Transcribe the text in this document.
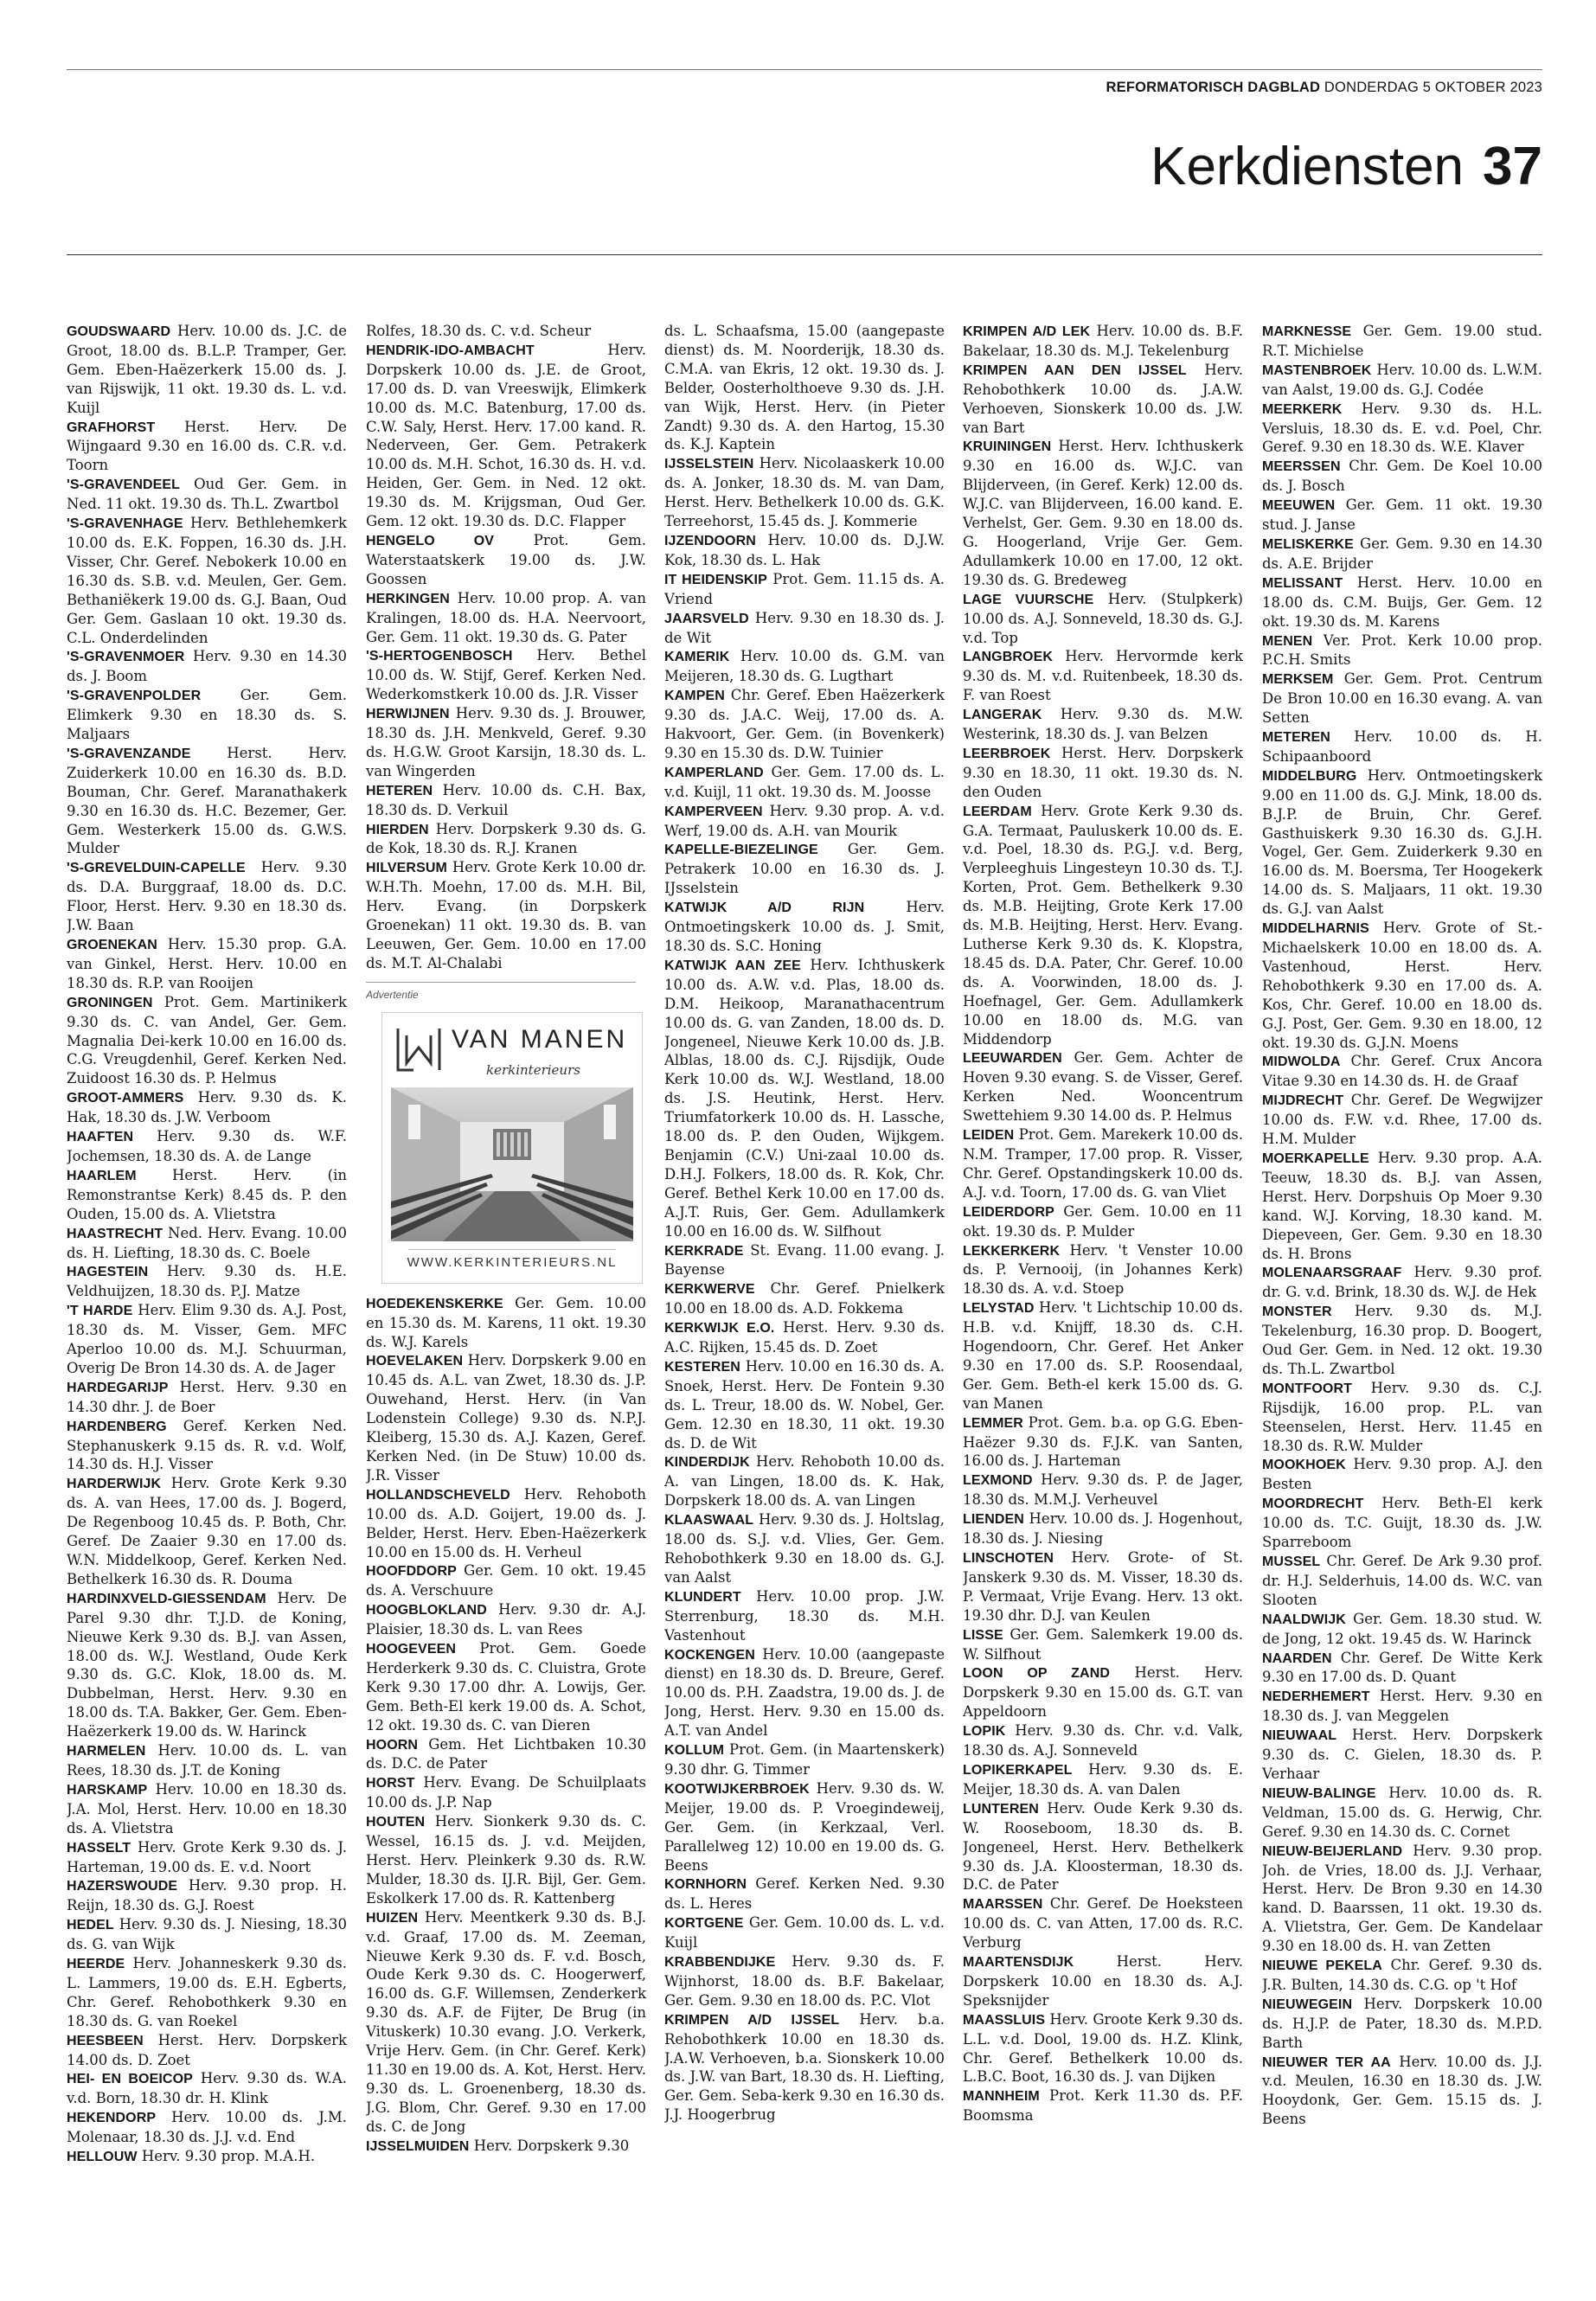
REFORMATORISCH DAGBLAD DONDERDAG 5 OKTOBER 2023
Kerkdiensten 37

GOUDSWAARD Herv. 10.00 ds. J.C. de Groot, 18.00 ds. B.L.P. Tramper, Ger. Gem. Eben-Haëzerkerk 15.00 ds. J. van Rijswijk, 11 okt. 19.30 ds. L. v.d. Kuijl

GRAFHORST Herst. Herv. De Wijngaard 9.30 en 16.00 ds. C.R. v.d. Toorn

'S-GRAVENDEEL Oud Ger. Gem. in Ned. 11 okt. 19.30 ds. Th.L. Zwartbol

'S-GRAVENHAGE Herv. Bethlehemkerk 10.00 ds. E.K. Foppen, 16.30 ds. J.H. Visser, Chr. Geref. Nebokerk 10.00 en 16.30 ds. S.B. v.d. Meulen, Ger. Gem. Bethaniëkerk 19.00 ds. G.J. Baan, Oud Ger. Gem. Gaslaan 10 okt. 19.30 ds. C.L. Onderdelinden

'S-GRAVENMOER Herv. 9.30 en 14.30 ds. J. Boom

'S-GRAVENPOLDER	Ger. Gem. Elimkerk 9.30 en 18.30 ds. S. Maljaars

'S-GRAVENZANDE	Herst. Herv. Zuiderkerk 10.00 en 16.30 ds. B.D. Bouman, Chr. Geref. Maranathakerk 9.30 en 16.30 ds. H.C. Bezemer, Ger. Gem. Westerkerk 15.00 ds. G.W.S. Mulder

'S-GREVELDUIN-CAPELLE Herv. 9.30 ds. D.A. Burggraaf, 18.00 ds. D.C. Floor, Herst. Herv. 9.30 en 18.30 ds. J.W. Baan

GROENEKAN Herv. 15.30 prop. G.A. van Ginkel, Herst. Herv. 10.00 en 18.30 ds. R.P. van Rooijen

GRONINGEN Prot. Gem. Martinikerk 9.30 ds. C. van Andel, Ger. Gem. Magnalia Dei-kerk 10.00 en 16.00 ds. C.G. Vreugdenhil, Geref. Kerken Ned. Zuidoost 16.30 ds. P. Helmus

GROOT-AMMERS Herv. 9.30 ds. K. Hak, 18.30 ds. J.W. Verboom

HAAFTEN Herv. 9.30 ds. W.F. Jochemsen, 18.30 ds. A. de Lange

HAARLEM	Herst. Herv. (in Remonstrantse Kerk) 8.45 ds. P. den Ouden, 15.00 ds. A. Vlietstra

HAASTRECHT Ned. Herv. Evang. 10.00 ds. H. Liefting, 18.30 ds. C. Boele

HAGESTEIN Herv. 9.30 ds. H.E. Veldhuijzen, 18.30 ds. P.J. Matze

'T HARDE Herv. Elim 9.30 ds. A.J. Post, 18.30 ds. M. Visser, Gem. MFC Aperloo 10.00 ds. M.J. Schuurman, Overig De Bron 14.30 ds. A. de Jager

HARDEGARIJP Herst. Herv. 9.30 en 14.30 dhr. J. de Boer

HARDENBERG Geref. Kerken Ned. Stephanuskerk 9.15 ds. R. v.d. Wolf, 14.30 ds. H.J. Visser

HARDERWIJK Herv. Grote Kerk 9.30 ds. A. van Hees, 17.00 ds. J. Bogerd, De Regenboog 10.45 ds. P. Both, Chr. Geref. De Zaaier 9.30 en 17.00 ds. W.N. Middelkoop, Geref. Kerken Ned. Bethelkerk 16.30 ds. R. Douma

HARDINXVELD-GIESSENDAM Herv. De Parel 9.30 dhr. T.J.D. de Koning, Nieuwe Kerk 9.30 ds. B.J. van Assen, 18.00 ds. W.J. Westland, Oude Kerk 9.30 ds. G.C. Klok, 18.00 ds. M. Dubbelman, Herst. Herv. 9.30 en 18.00 ds. T.A. Bakker, Ger. Gem. Eben-Haëzerkerk 19.00 ds. W. Harinck

HARMELEN Herv. 10.00 ds. L. van Rees, 18.30 ds. J.T. de Koning

HARSKAMP Herv. 10.00 en 18.30 ds. J.A. Mol, Herst. Herv. 10.00 en 18.30 ds. A. Vlietstra

HASSELT Herv. Grote Kerk 9.30 ds. J. Harteman, 19.00 ds. E. v.d. Noort

HAZERSWOUDE Herv. 9.30 prop. H. Reijn, 18.30 ds. G.J. Roest

HEDEL Herv. 9.30 ds. J. Niesing, 18.30 ds. G. van Wijk

HEERDE Herv. Johanneskerk 9.30 ds. L. Lammers, 19.00 ds. E.H. Egberts, Chr. Geref. Rehobothkerk 9.30 en 18.30 ds. G. van Roekel

HEESBEEN Herst. Herv. Dorpskerk 14.00 ds. D. Zoet

HEI- EN BOEICOP Herv. 9.30 ds. W.A. v.d. Born, 18.30 dr. H. Klink

HEKENDORP Herv. 10.00 ds. J.M. Molenaar, 18.30 ds. J.J. v.d. End

HELLOUW Herv. 9.30 prop. M.A.H.

Rolfes, 18.30 ds. C. v.d. Scheur

HENDRIK-IDO-AMBACHT	Herv. Dorpskerk 10.00 ds. J.E. de Groot, 17.00 ds. D. van Vreeswijk, Elimkerk 10.00 ds. M.C. Batenburg, 17.00 ds. C.W. Saly, Herst. Herv. 17.00 kand. R. Nederveen, Ger. Gem. Petrakerk 10.00 ds. M.H. Schot, 16.30 ds. H. v.d. Heiden, Ger. Gem. in Ned. 12 okt. 19.30 ds. M. Krijgsman, Oud Ger. Gem. 12 okt. 19.30 ds. D.C. Flapper

HENGELO OV	Prot. Gem. Waterstaatskerk 19.00 ds. J.W. Goossen

HERKINGEN Herv. 10.00 prop. A. van Kralingen, 18.00 ds. H.A. Neervoort, Ger. Gem. 11 okt. 19.30 ds. G. Pater

'S-HERTOGENBOSCH Herv. Bethel 10.00 ds. W. Stijf, Geref. Kerken Ned. Wederkomstkerk 10.00 ds. J.R. Visser

HERWIJNEN Herv. 9.30 ds. J. Brouwer, 18.30 ds. J.H. Menkveld, Geref. 9.30 ds. H.G.W. Groot Karsijn, 18.30 ds. L. van Wingerden

HETEREN Herv. 10.00 ds. C.H. Bax, 18.30 ds. D. Verkuil

HIERDEN Herv. Dorpskerk 9.30 ds. G. de Kok, 18.30 ds. R.J. Kranen

HILVERSUM Herv. Grote Kerk 10.00 dr. W.H.Th. Moehn, 17.00 ds. M.H. Bil, Herv. Evang. (in Dorpskerk Groenekan) 11 okt. 19.30 ds. B. van Leeuwen, Ger. Gem. 10.00 en 17.00 ds. M.T. Al-Chalabi

Advertentie
VAN MANEN
kerkinterieurs
WWW.KERKINTERIEURS.NL

HOEDEKENSKERKE Ger. Gem. 10.00 en 15.30 ds. M. Karens, 11 okt. 19.30 ds. W.J. Karels

HOEVELAKEN Herv. Dorpskerk 9.00 en 10.45 ds. A.L. van Zwet, 18.30 ds. J.P. Ouwehand, Herst. Herv. (in Van Lodenstein College) 9.30 ds. N.P.J. Kleiberg, 15.30 ds. A.J. Kazen, Geref. Kerken Ned. (in De Stuw) 10.00 ds. J.R. Visser

HOLLANDSCHEVELD Herv. Rehoboth 10.00 ds. A.D. Goijert, 19.00 ds. J. Belder, Herst. Herv. Eben-Haëzerkerk 10.00 en 15.00 ds. H. Verheul

HOOFDDORP Ger. Gem. 10 okt. 19.45 ds. A. Verschuure

HOOGBLOKLAND Herv. 9.30 dr. A.J. Plaisier, 18.30 ds. L. van Rees

HOOGEVEEN Prot. Gem. Goede Herderkerk 9.30 ds. C. Cluistra, Grote Kerk 9.30 17.00 dhr. A. Lowijs, Ger. Gem. Beth-El kerk 19.00 ds. A. Schot, 12 okt. 19.30 ds. C. van Dieren

HOORN Gem. Het Lichtbaken 10.30 ds. D.C. de Pater

HORST Herv. Evang. De Schuilplaats 10.00 ds. J.P. Nap

HOUTEN Herv. Sionkerk 9.30 ds. C. Wessel, 16.15 ds. J. v.d. Meijden, Herst. Herv. Pleinkerk 9.30 ds. R.W. Mulder, 18.30 ds. IJ.R. Bijl, Ger. Gem. Eskolkerk 17.00 ds. R. Kattenberg

HUIZEN Herv. Meentkerk 9.30 ds. B.J. v.d. Graaf, 17.00 ds. M. Zeeman, Nieuwe Kerk 9.30 ds. F. v.d. Bosch, Oude Kerk 9.30 ds. C. Hoogerwerf, 16.00 ds. G.F. Willemsen, Zenderkerk 9.30 ds. A.F. de Fijter, De Brug (in Vituskerk) 10.30 evang. J.O. Verkerk, Vrije Herv. Gem. (in Chr. Geref. Kerk) 11.30 en 19.00 ds. A. Kot, Herst. Herv. 9.30 ds. L. Groenenberg, 18.30 ds. J.G. Blom, Chr. Geref. 9.30 en 17.00 ds. C. de Jong

IJSSELMUIDEN Herv. Dorpskerk 9.30

ds. L. Schaafsma, 15.00 (aangepaste dienst) ds. M. Noorderijk, 18.30 ds. C.M.A. van Ekris, 12 okt. 19.30 ds. J. Belder, Oosterholthoeve 9.30 ds. J.H. van Wijk, Herst. Herv. (in Pieter Zandt) 9.30 ds. A. den Hartog, 15.30 ds. K.J. Kaptein

IJSSELSTEIN Herv. Nicolaaskerk 10.00 ds. A. Jonker, 18.30 ds. M. van Dam, Herst. Herv. Bethelkerk 10.00 ds. G.K. Terreehorst, 15.45 ds. J. Kommerie

IJZENDOORN Herv. 10.00 ds. D.J.W. Kok, 18.30 ds. L. Hak

IT HEIDENSKIP Prot. Gem. 11.15 ds. A. Vriend

JAARSVELD Herv. 9.30 en 18.30 ds. J. de Wit

KAMERIK Herv. 10.00 ds. G.M. van Meijeren, 18.30 ds. G. Lugthart

KAMPEN Chr. Geref. Eben Haëzerkerk 9.30 ds. J.A.C. Weij, 17.00 ds. A. Hakvoort, Ger. Gem. (in Bovenkerk) 9.30 en 15.30 ds. D.W. Tuinier

KAMPERLAND Ger. Gem. 17.00 ds. L. v.d. Kuijl, 11 okt. 19.30 ds. M. Joosse

KAMPERVEEN Herv. 9.30 prop. A. v.d. Werf, 19.00 ds. A.H. van Mourik

KAPELLE-BIEZELINGE Ger. Gem. Petrakerk 10.00 en 16.30 ds. J. IJsselstein

KATWIJK A/D RIJN	Herv. Ontmoetingskerk 10.00 ds. J. Smit, 18.30 ds. S.C. Honing

KATWIJK AAN ZEE Herv. Ichthuskerk 10.00 ds. A.W. v.d. Plas, 18.00 ds. D.M. Heikoop, Maranathacentrum 10.00 ds. G. van Zanden, 18.00 ds. D. Jongeneel, Nieuwe Kerk 10.00 ds. J.B. Alblas, 18.00 ds. C.J. Rijsdijk, Oude Kerk 10.00 ds. W.J. Westland, 18.00 ds. J.S. Heutink, Herst. Herv. Triumfatorkerk 10.00 ds. H. Lassche, 18.00 ds. P. den Ouden, Wijkgem. Benjamin (C.V.) Uni-zaal 10.00 ds. D.H.J. Folkers, 18.00 ds. R. Kok, Chr. Geref. Bethel Kerk 10.00 en 17.00 ds. A.J.T. Ruis, Ger. Gem. Adullamkerk 10.00 en 16.00 ds. W. Silfhout

KERKRADE St. Evang. 11.00 evang. J. Bayense

KERKWERVE Chr. Geref. Pnielkerk 10.00 en 18.00 ds. A.D. Fokkema

KERKWIJK E.O. Herst. Herv. 9.30 ds. A.C. Rijken, 15.45 ds. D. Zoet

KESTEREN Herv. 10.00 en 16.30 ds. A. Snoek, Herst. Herv. De Fontein 9.30 ds. L. Treur, 18.00 ds. W. Nobel, Ger. Gem. 12.30 en 18.30, 11 okt. 19.30 ds. D. de Wit

KINDERDIJK Herv. Rehoboth 10.00 ds. A. van Lingen, 18.00 ds. K. Hak, Dorpskerk 18.00 ds. A. van Lingen

KLAASWAAL Herv. 9.30 ds. J. Holtslag, 18.00 ds. S.J. v.d. Vlies, Ger. Gem. Rehobothkerk 9.30 en 18.00 ds. G.J. van Aalst

KLUNDERT Herv. 10.00 prop. J.W. Sterrenburg, 18.30 ds. M.H. Vastenhout

KOCKENGEN Herv. 10.00 (aangepaste dienst) en 18.30 ds. D. Breure, Geref. 10.00 ds. P.H. Zaadstra, 19.00 ds. J. de Jong, Herst. Herv. 9.30 en 15.00 ds. A.T. van Andel

KOLLUM Prot. Gem. (in Maartenskerk) 9.30 dhr. G. Timmer

KOOTWIJKERBROEK Herv. 9.30 ds. W. Meijer, 19.00 ds. P. Vroegindeweij, Ger. Gem. (in Kerkzaal, Verl. Parallelweg 12) 10.00 en 19.00 ds. G. Beens

KORNHORN Geref. Kerken Ned. 9.30 ds. L. Heres

KORTGENE Ger. Gem. 10.00 ds. L. v.d. Kuijl

KRABBENDIJKE Herv. 9.30 ds. F. Wijnhorst, 18.00 ds. B.F. Bakelaar, Ger. Gem. 9.30 en 18.00 ds. P.C. Vlot

KRIMPEN A/D IJSSEL Herv. b.a. Rehobothkerk 10.00 en 18.30 ds. J.A.W. Verhoeven, b.a. Sionskerk 10.00 ds. J.W. van Bart, 18.30 ds. H. Liefting, Ger. Gem. Seba-kerk 9.30 en 16.30 ds. J.J. Hoogerbrug

KRIMPEN A/D LEK Herv. 10.00 ds. B.F. Bakelaar, 18.30 ds. M.J. Tekelenburg

KRIMPEN AAN DEN IJSSEL Herv. Rehobothkerk 10.00 ds. J.A.W. Verhoeven, Sionskerk 10.00 ds. J.W. van Bart

KRUININGEN Herst. Herv. Ichthuskerk 9.30 en 16.00 ds. W.J.C. van Blijderveen, (in Geref. Kerk) 12.00 ds. W.J.C. van Blijderveen, 16.00 kand. E. Verhelst, Ger. Gem. 9.30 en 18.00 ds. G. Hoogerland, Vrije Ger. Gem. Adullamkerk 10.00 en 17.00, 12 okt. 19.30 ds. G. Bredeweg

LAGE VUURSCHE Herv. (Stulpkerk) 10.00 ds. A.J. Sonneveld, 18.30 ds. G.J. v.d. Top

LANGBROEK Herv. Hervormde kerk 9.30 ds. M. v.d. Ruitenbeek, 18.30 ds. F. van Roest

LANGERAK Herv. 9.30 ds. M.W. Westerink, 18.30 ds. J. van Belzen

LEERBROEK Herst. Herv. Dorpskerk 9.30 en 18.30, 11 okt. 19.30 ds. N. den Ouden

LEERDAM Herv. Grote Kerk 9.30 ds. G.A. Termaat, Pauluskerk 10.00 ds. E. v.d. Poel, 18.30 ds. P.G.J. v.d. Berg, Verpleeghuis Lingesteyn 10.30 ds. T.J. Korten, Prot. Gem. Bethelkerk 9.30 ds. M.B. Heijting, Grote Kerk 17.00 ds. M.B. Heijting, Herst. Herv. Evang. Lutherse Kerk 9.30 ds. K. Klopstra, 18.45 ds. D.A. Pater, Chr. Geref. 10.00 ds. A. Voorwinden, 18.00 ds. J. Hoefnagel, Ger. Gem. Adullamkerk 10.00 en 18.00 ds. M.G. van Middendorp

LEEUWARDEN Ger. Gem. Achter de Hoven 9.30 evang. S. de Visser, Geref. Kerken Ned. Wooncentrum Swettehiem 9.30 14.00 ds. P. Helmus

LEIDEN Prot. Gem. Marekerk 10.00 ds. N.M. Tramper, 17.00 prop. R. Visser, Chr. Geref. Opstandingskerk 10.00 ds. A.J. v.d. Toorn, 17.00 ds. G. van Vliet

LEIDERDORP Ger. Gem. 10.00 en 11 okt. 19.30 ds. P. Mulder

LEKKERKERK Herv. 't Venster 10.00 ds. P. Vernooij, (in Johannes Kerk) 18.30 ds. A. v.d. Stoep

LELYSTAD Herv. 't Lichtschip 10.00 ds. H.B. v.d. Knijff, 18.30 ds. C.H. Hogendoorn, Chr. Geref. Het Anker 9.30 en 17.00 ds. S.P. Roosendaal, Ger. Gem. Beth-el kerk 15.00 ds. G. van Manen

LEMMER Prot. Gem. b.a. op G.G. Eben-Haëzer 9.30 ds. F.J.K. van Santen, 16.00 ds. J. Harteman

LEXMOND Herv. 9.30 ds. P. de Jager, 18.30 ds. M.M.J. Verheuvel

LIENDEN Herv. 10.00 ds. J. Hogenhout, 18.30 ds. J. Niesing

LINSCHOTEN Herv. Grote- of St. Janskerk 9.30 ds. M. Visser, 18.30 ds. P. Vermaat, Vrije Evang. Herv. 13 okt. 19.30 dhr. D.J. van Keulen

LISSE Ger. Gem. Salemkerk 19.00 ds. W. Silfhout

LOON OP ZAND Herst. Herv. Dorpskerk 9.30 en 15.00 ds. G.T. van Appeldoorn

LOPIK Herv. 9.30 ds. Chr. v.d. Valk, 18.30 ds. A.J. Sonneveld

LOPIKERKAPEL Herv. 9.30 ds. E. Meijer, 18.30 ds. A. van Dalen

LUNTEREN Herv. Oude Kerk 9.30 ds. W. Rooseboom, 18.30 ds. B. Jongeneel, Herst. Herv. Bethelkerk 9.30 ds. J.A. Kloosterman, 18.30 ds. D.C. de Pater

MAARSSEN Chr. Geref. De Hoeksteen 10.00 ds. C. van Atten, 17.00 ds. R.C. Verburg

MAARTENSDIJK	Herst. Herv. Dorpskerk 10.00 en 18.30 ds. A.J. Speksnijder

MAASSLUIS Herv. Groote Kerk 9.30 ds. L.L. v.d. Dool, 19.00 ds. H.Z. Klink, Chr. Geref. Bethelkerk 10.00 ds. L.B.C. Boot, 16.30 ds. J. van Dijken

MANNHEIM Prot. Kerk 11.30 ds. P.F. Boomsma

MARKNESSE Ger. Gem. 19.00 stud. R.T. Michielse

MASTENBROEK Herv. 10.00 ds. L.W.M. van Aalst, 19.00 ds. G.J. Codée

MEERKERK Herv. 9.30 ds. H.L. Versluis, 18.30 ds. E. v.d. Poel, Chr. Geref. 9.30 en 18.30 ds. W.E. Klaver

MEERSSEN Chr. Gem. De Koel 10.00 ds. J. Bosch

MEEUWEN Ger. Gem. 11 okt. 19.30 stud. J. Janse

MELISKERKE Ger. Gem. 9.30 en 14.30 ds. A.E. Brijder

MELISSANT Herst. Herv. 10.00 en 18.00 ds. C.M. Buijs, Ger. Gem. 12 okt. 19.30 ds. M. Karens

MENEN Ver. Prot. Kerk 10.00 prop. P.C.H. Smits

MERKSEM Ger. Gem. Prot. Centrum De Bron 10.00 en 16.30 evang. A. van Setten

METEREN Herv. 10.00 ds. H. Schipaanboord

MIDDELBURG Herv. Ontmoetingskerk 9.00 en 11.00 ds. G.J. Mink, 18.00 ds. B.J.P. de Bruin, Chr. Geref. Gasthuiskerk 9.30 16.30 ds. G.J.H. Vogel, Ger. Gem. Zuiderkerk 9.30 en 16.00 ds. M. Boersma, Ter Hoogekerk 14.00 ds. S. Maljaars, 11 okt. 19.30 ds. G.J. van Aalst

MIDDELHARNIS Herv. Grote of St.-Michaelskerk 10.00 en 18.00 ds. A. Vastenhoud, Herst. Herv. Rehobothkerk 9.30 en 17.00 ds. A. Kos, Chr. Geref. 10.00 en 18.00 ds. G.J. Post, Ger. Gem. 9.30 en 18.00, 12 okt. 19.30 ds. G.J.N. Moens

MIDWOLDA Chr. Geref. Crux Ancora Vitae 9.30 en 14.30 ds. H. de Graaf

MIJDRECHT Chr. Geref. De Wegwijzer 10.00 ds. F.W. v.d. Rhee, 17.00 ds. H.M. Mulder

MOERKAPELLE Herv. 9.30 prop. A.A. Teeuw, 18.30 ds. B.J. van Assen, Herst. Herv. Dorpshuis Op Moer 9.30 kand. W.J. Korving, 18.30 kand. M. Diepeveen, Ger. Gem. 9.30 en 18.30 ds. H. Brons

MOLENAARSGRAAF Herv. 9.30 prof. dr. G. v.d. Brink, 18.30 ds. W.J. de Hek

MONSTER Herv. 9.30 ds. M.J. Tekelenburg, 16.30 prop. D. Boogert, Oud Ger. Gem. in Ned. 12 okt. 19.30 ds. Th.L. Zwartbol

MONTFOORT Herv. 9.30 ds. C.J. Rijsdijk, 16.00 prop. P.L. van Steenselen, Herst. Herv. 11.45 en 18.30 ds. R.W. Mulder

MOOKHOEK Herv. 9.30 prop. A.J. den Besten

MOORDRECHT Herv. Beth-El kerk 10.00 ds. T.C. Guijt, 18.30 ds. J.W. Sparreboom

MUSSEL Chr. Geref. De Ark 9.30 prof. dr. H.J. Selderhuis, 14.00 ds. W.C. van Slooten

NAALDWIJK Ger. Gem. 18.30 stud. W. de Jong, 12 okt. 19.45 ds. W. Harinck

NAARDEN Chr. Geref. De Witte Kerk 9.30 en 17.00 ds. D. Quant

NEDERHEMERT Herst. Herv. 9.30 en 18.30 ds. J. van Meggelen

NIEUWAAL Herst. Herv. Dorpskerk 9.30 ds. C. Gielen, 18.30 ds. P. Verhaar

NIEUW-BALINGE Herv. 10.00 ds. R. Veldman, 15.00 ds. G. Herwig, Chr. Geref. 9.30 en 14.30 ds. C. Cornet

NIEUW-BEIJERLAND Herv. 9.30 prop. Joh. de Vries, 18.00 ds. J.J. Verhaar, Herst. Herv. De Bron 9.30 en 14.30 kand. D. Baarssen, 11 okt. 19.30 ds. A. Vlietstra, Ger. Gem. De Kandelaar 9.30 en 18.00 ds. H. van Zetten

NIEUWE PEKELA Chr. Geref. 9.30 ds. J.R. Bulten, 14.30 ds. C.G. op 't Hof

NIEUWEGEIN Herv. Dorpskerk 10.00 ds. H.J.P. de Pater, 18.30 ds. M.P.D. Barth

NIEUWER TER AA Herv. 10.00 ds. J.J. v.d. Meulen, 16.30 en 18.30 ds. J.W. Hooydonk, Ger. Gem. 15.15 ds. J. Beens
